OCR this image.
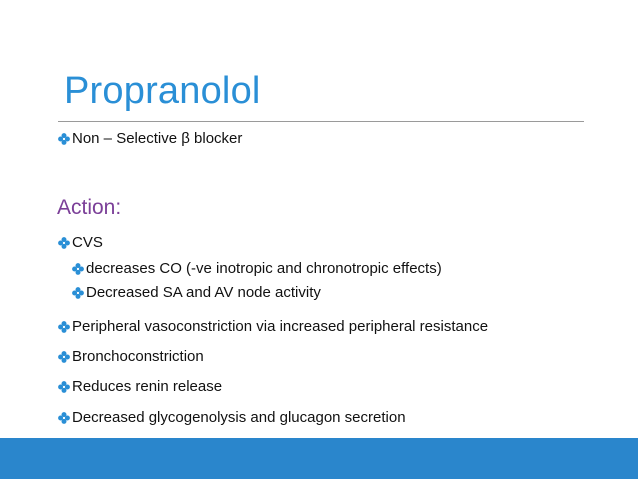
Propranolol
Non – Selective β blocker
Action:
CVS
decreases CO (-ve inotropic and chronotropic effects)
Decreased SA and AV node activity
Peripheral vasoconstriction via increased peripheral resistance
Bronchoconstriction
Reduces renin release
Decreased glycogenolysis and glucagon secretion
